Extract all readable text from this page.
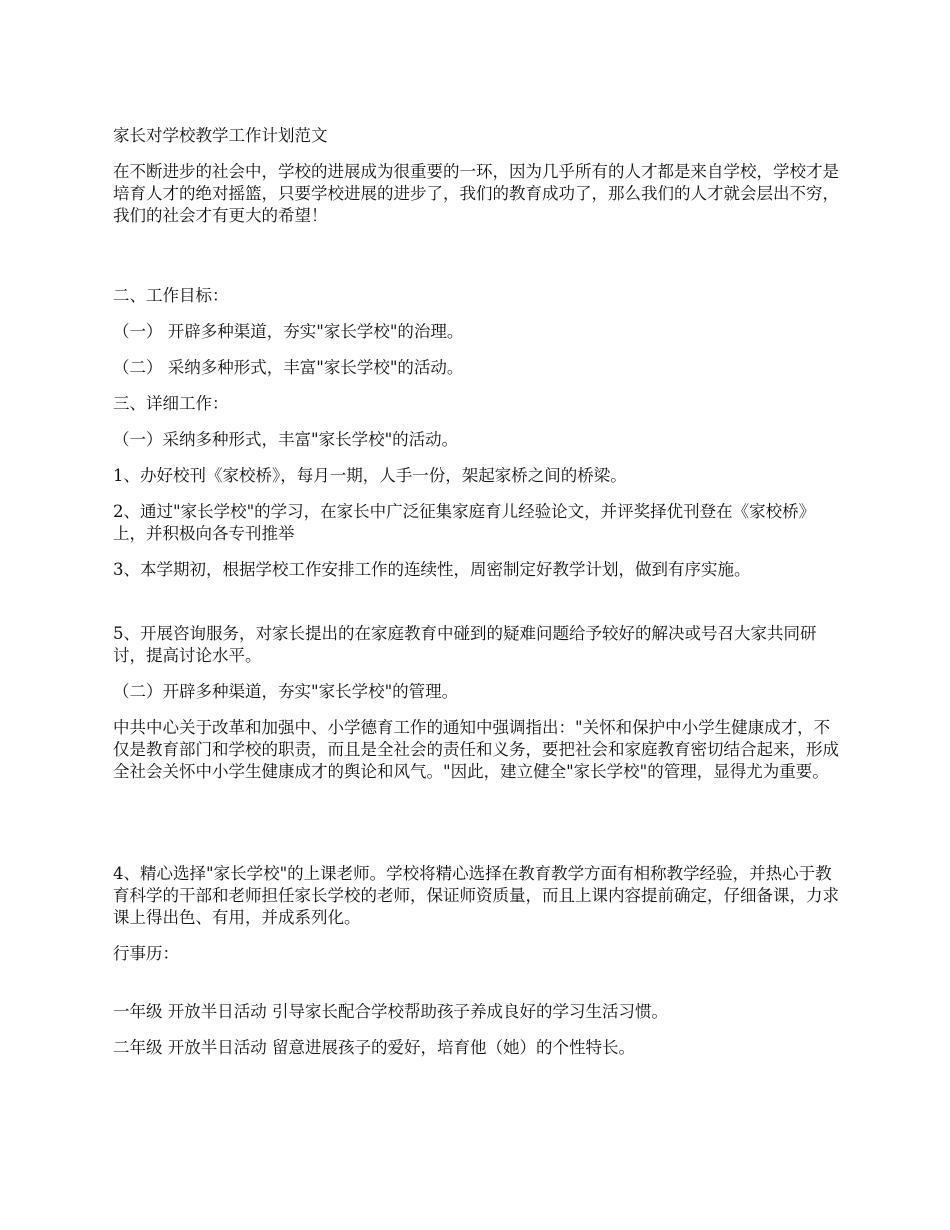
家长对学校教学工作计划范文

在不断进步的社会中，学校的进展成为很重要的一环，因为几乎所有的人才都是来自学校，学校才是培育人才的绝对摇篮，只要学校进展的进步了，我们的教育成功了，那么我们的人才就会层出不穷，我们的社会才有更大的希望！

二、工作目标：

（一） 开辟多种渠道，夯实"家长学校"的治理。

（二） 采纳多种形式，丰富"家长学校"的活动。

三、详细工作：

（一）采纳多种形式，丰富"家长学校"的活动。

1、办好校刊《家校桥》，每月一期，人手一份，架起家桥之间的桥梁。

2、通过"家长学校"的学习，在家长中广泛征集家庭育儿经验论文，并评奖择优刊登在《家校桥》上，并积极向各专刊推举

3、本学期初，根据学校工作安排工作的连续性，周密制定好教学计划，做到有序实施。

5、开展咨询服务，对家长提出的在家庭教育中碰到的疑难问题给予较好的解决或号召大家共同研讨，提高讨论水平。

（二）开辟多种渠道，夯实"家长学校"的管理。

中共中心关于改革和加强中、小学德育工作的通知中强调指出："关怀和保护中小学生健康成才，不仅是教育部门和学校的职责，而且是全社会的责任和义务，要把社会和家庭教育密切结合起来，形成全社会关怀中小学生健康成才的舆论和风气。"因此，建立健全"家长学校"的管理，显得尤为重要。

4、精心选择"家长学校"的上课老师。学校将精心选择在教育教学方面有相称教学经验，并热心于教育科学的干部和老师担任家长学校的老师，保证师资质量，而且上课内容提前确定，仔细备课，力求课上得出色、有用，并成系列化。

行事历：

一年级 开放半日活动 引导家长配合学校帮助孩子养成良好的学习生活习惯。

二年级 开放半日活动 留意进展孩子的爱好，培育他（她）的个性特长。
